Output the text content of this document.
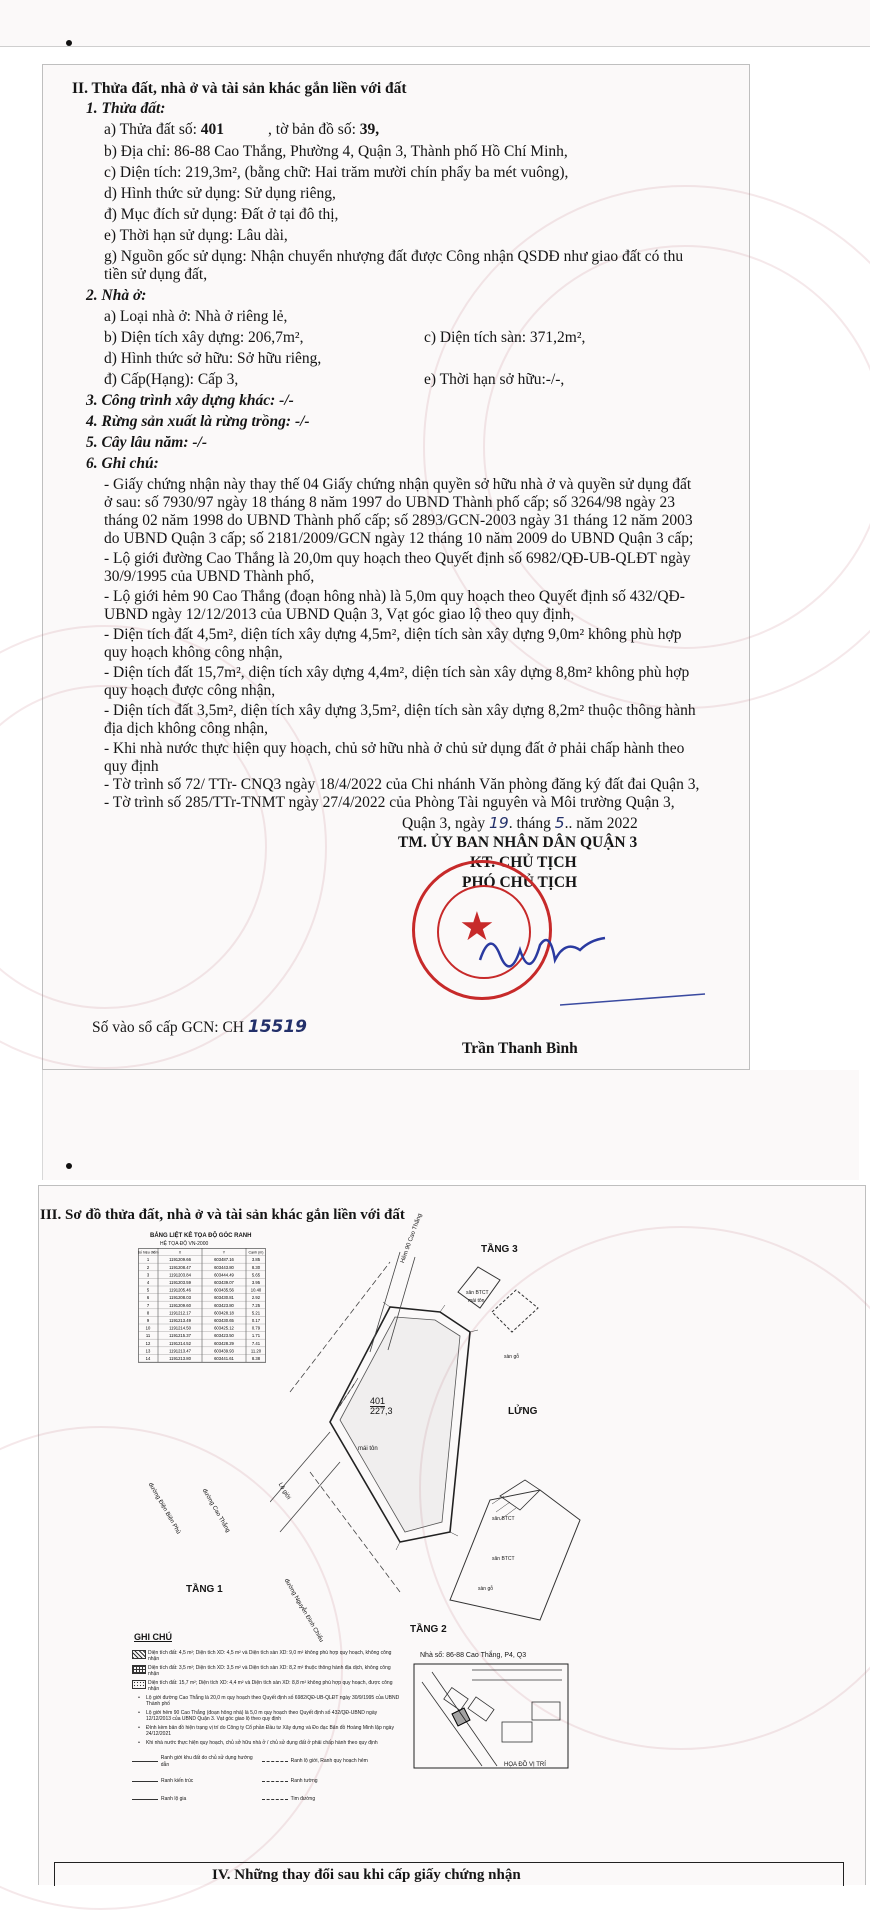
II. Thửa đất, nhà ở và tài sản khác gắn liền với đất
1. Thửa đất:
a) Thửa đất số: 401	, tờ bản đồ số: 39,
b) Địa chỉ: 86-88 Cao Thắng, Phường 4, Quận 3, Thành phố Hồ Chí Minh,
c) Diện tích: 219,3m², (bằng chữ: Hai trăm mười chín phẩy ba mét vuông),
d) Hình thức sử dụng: Sử dụng riêng,
đ) Mục đích sử dụng: Đất ở tại đô thị,
e) Thời hạn sử dụng: Lâu dài,
g) Nguồn gốc sử dụng: Nhận chuyển nhượng đất được Công nhận QSDĐ như giao đất có thu
tiền sử dụng đất,
2. Nhà ở:
a) Loại nhà ở: Nhà ở riêng lẻ,
b) Diện tích xây dựng: 206,7m²,	c) Diện tích sàn: 371,2m²,
d) Hình thức sở hữu: Sở hữu riêng,
đ) Cấp(Hạng): Cấp 3,	e) Thời hạn sở hữu:-/-,
3. Công trình xây dựng khác: -/-
4. Rừng sản xuất là rừng trồng: -/-
5. Cây lâu năm: -/-
6. Ghi chú:
- Giấy chứng nhận này thay thế 04 Giấy chứng nhận quyền sở hữu nhà ở và quyền sử dụng đất
ở sau: số 7930/97 ngày 18 tháng 8 năm 1997 do UBND Thành phố cấp; số 3264/98 ngày 23
tháng 02 năm 1998 do UBND Thành phố cấp; số 2893/GCN-2003 ngày 31 tháng 12 năm 2003
do UBND Quận 3 cấp; số 2181/2009/GCN ngày 12 tháng 10 năm 2009 do UBND Quận 3 cấp;
- Lộ giới đường Cao Thắng là 20,0m quy hoạch theo Quyết định số 6982/QĐ-UB-QLĐT ngày
30/9/1995 của UBND Thành phố,
- Lộ giới hẻm 90 Cao Thắng (đoạn hông nhà) là 5,0m quy hoạch theo Quyết định số 432/QĐ-
UBND ngày 12/12/2013 của UBND Quận 3, Vạt góc giao lộ theo quy định,
- Diện tích đất 4,5m², diện tích xây dựng 4,5m², diện tích sàn xây dựng 9,0m² không phù hợp
quy hoạch không công nhận,
- Diện tích đất 15,7m², diện tích xây dựng 4,4m², diện tích sàn xây dựng 8,8m² không phù hợp
quy hoạch được công nhận,
- Diện tích đất 3,5m², diện tích xây dựng 3,5m², diện tích sàn xây dựng 8,2m² thuộc thông hành
địa dịch không công nhận,
- Khi nhà nước thực hiện quy hoạch, chủ sở hữu nhà ở chủ sử dụng đất ở phải chấp hành theo
quy định
- Tờ trình số 72/ TTr- CNQ3 ngày 18/4/2022 của Chi nhánh Văn phòng đăng ký đất đai Quận 3,
- Tờ trình số 285/TTr-TNMT ngày 27/4/2022 của Phòng Tài nguyên và Môi trường Quận 3,
Quận 3, ngày 19. tháng 5.. năm 2022
TM. ỦY BAN NHÂN DÂN QUẬN 3
KT. CHỦ TỊCH
PHÓ CHỦ TỊCH
★
Số vào sổ cấp GCN: CH 15519
Trần Thanh Bình
III. Sơ đồ thửa đất, nhà ở và tài sản khác gắn liền với đất
BẢNG LIỆT KÊ TỌA ĐỘ GÓC RANH
HỆ TỌA ĐỘ VN-2000
Số hiệu điểm	X	Y	Cạnh (m)
1	1191209.66	603487.16	3.85
2	1191208.47	603443.80	8.30
3	1191203.84	603444.49	5.65
4	1191203.59	603439.07	3.95
5	1191205.46	603435.56	10.40
6	1191208.03	603430.81	2.92
7	1191209.60	603423.80	7.25
8	1191212.17	603428.18	5.21
9	1191213.49	603430.65	0.17
10	1191214.50	603425.12	0.79
11	1191215.37	603423.50	1.71
12	1191214.52	603428.29	7.41
13	1191213.47	603439.93	11.20
14	1191213.80	603441.61	8.38
TẦNG 3
LỬNG
TẦNG 1
TẦNG 2
401
227,3
Hẻm 90 Cao Thắng
đường Cao Thắng
đường Điện Biên Phủ
đường Nguyễn Đình Chiểu
Lộ giới
mái tôn
sân BTCT
mái tôn
sàn gỗ
sân BTCT
sân BTCT
sàn gỗ
GHI CHÚ
Diện tích đất: 4,5 m²; Diện tích XD: 4,5 m² và Diện tích sàn XD: 9,0 m² không phù hợp quy hoạch, không công nhận
Diện tích đất: 3,5 m²; Diện tích XD: 3,5 m² và Diện tích sàn XD: 8,2 m² thuộc thông hành địa dịch, không công nhận
Diện tích đất: 15,7 m²; Diện tích XD: 4,4 m² và Diện tích sàn XD: 8,8 m² không phù hợp quy hoạch, được công nhận
•	Lộ giới đường Cao Thắng là 20,0 m quy hoạch theo Quyết định số 6982/QĐ-UB-QLĐT ngày 30/9/1995 của UBND Thành phố
•	Lộ giới hẻm 90 Cao Thắng (đoạn hông nhà) là 5,0 m quy hoạch theo Quyết định số 432/QĐ-UBND ngày 12/12/2013 của UBND Quận 3. Vạt góc giao lộ theo quy định
•	Đính kèm bản đồ hiện trạng vị trí do Công ty Cổ phần Đầu tư Xây dựng và Đo đạc Bản đồ Hoàng Minh lập ngày 24/12/2021
•	Khi nhà nước thực hiện quy hoạch, chủ sở hữu nhà ở / chủ sử dụng đất ở phải chấp hành theo quy định
Ranh giới khu đất do chủ sử dụng hướng dẫn
Ranh lộ giới, Ranh quy hoạch hẻm
Ranh kiến trúc	Ranh tường
Ranh lộ gia	Tim đường
Nhà số: 86-88 Cao Thắng, P4, Q3
HỌA ĐỒ VỊ TRÍ
IV. Những thay đổi sau khi cấp giấy chứng nhận
